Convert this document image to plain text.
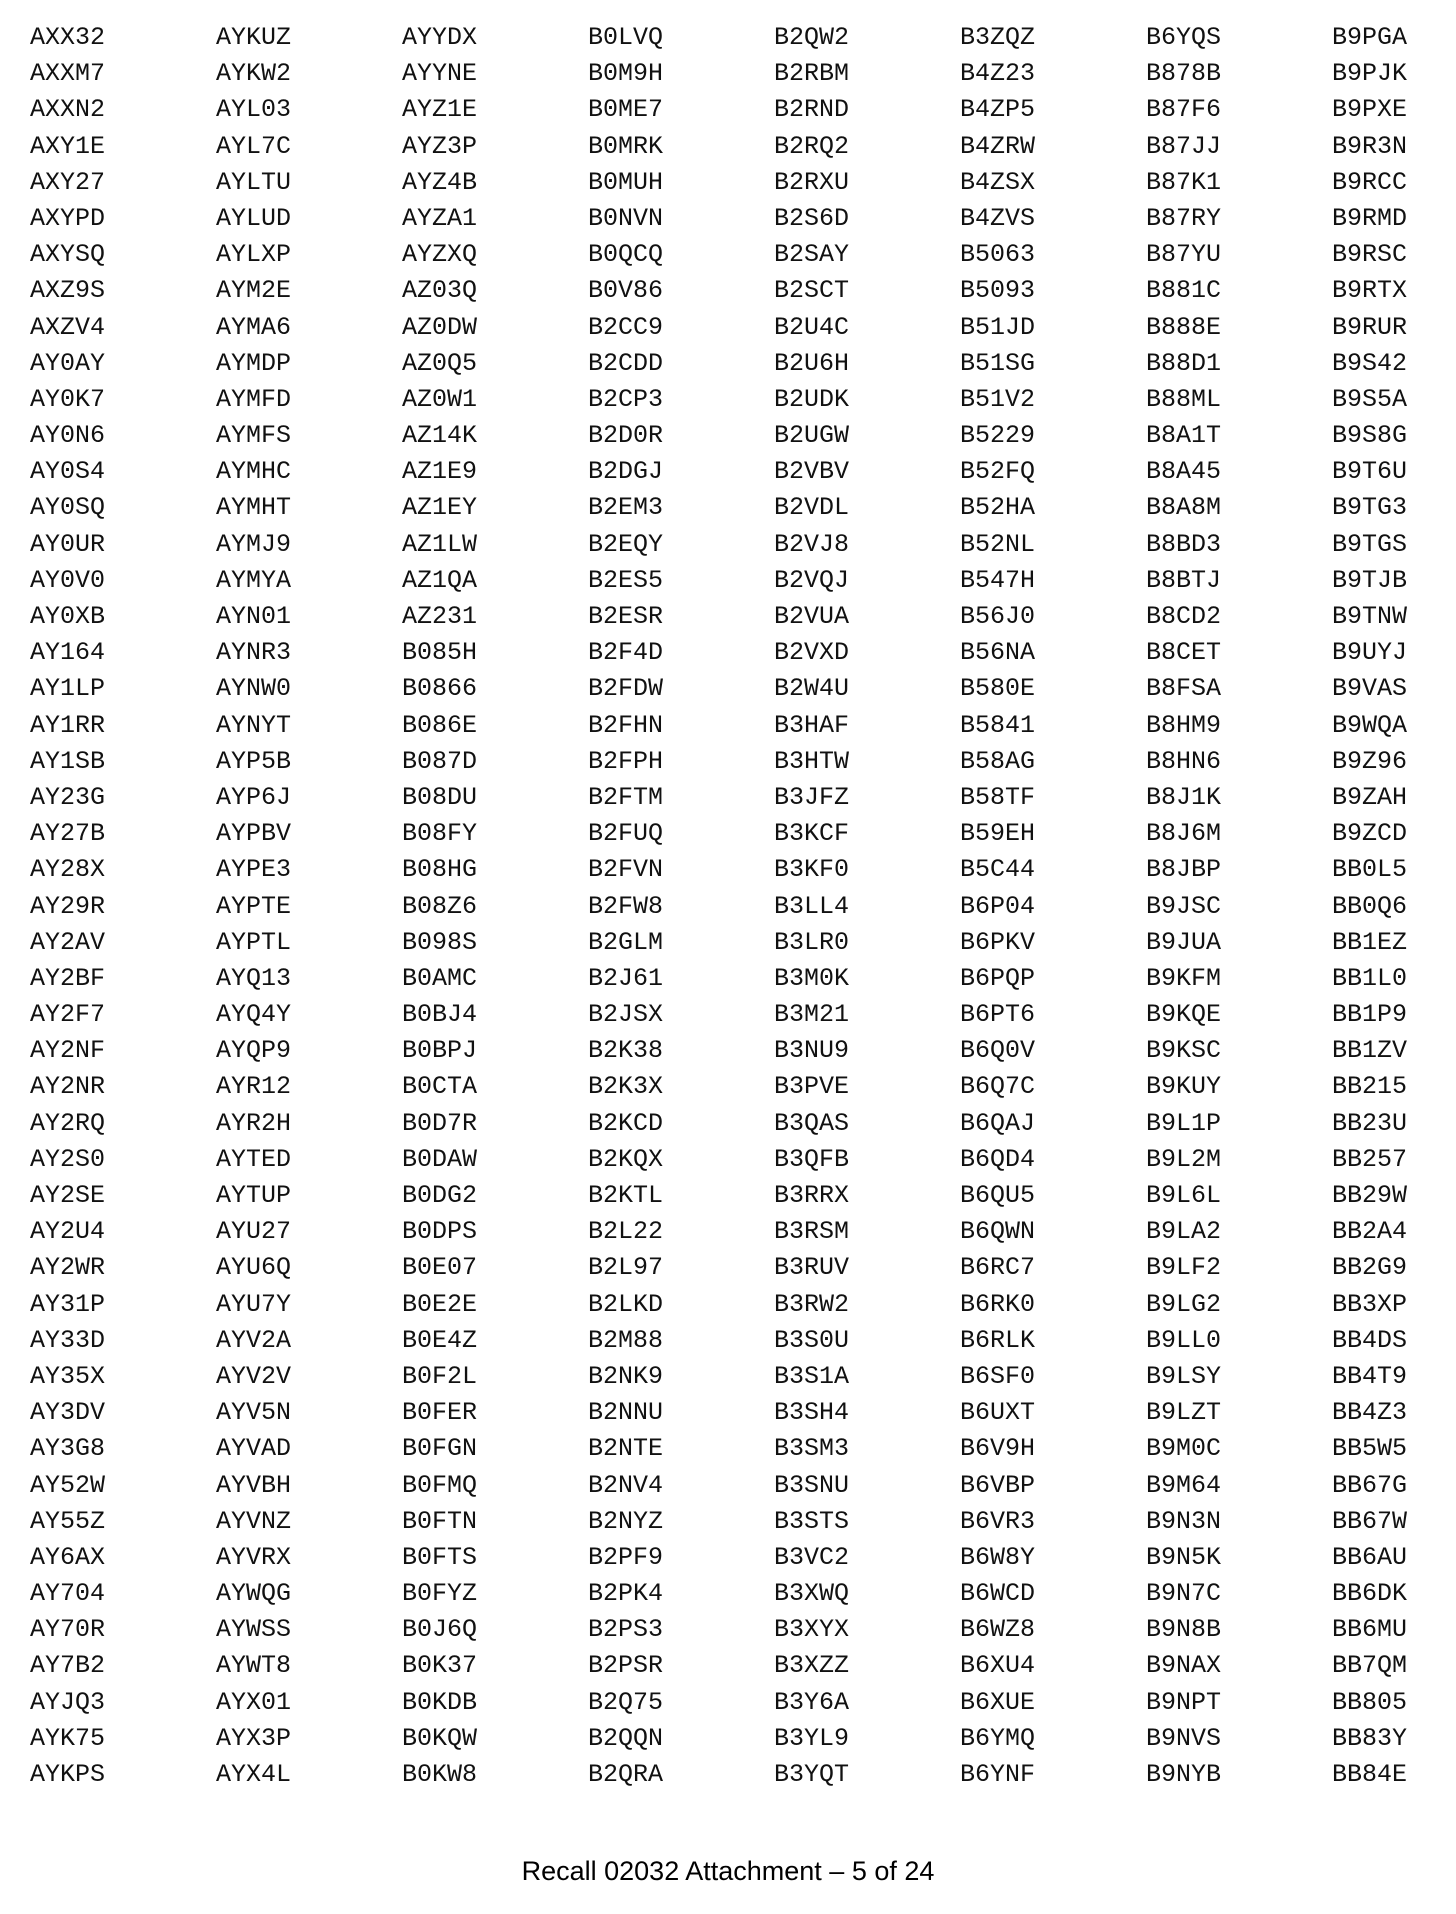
AXX32
AXXM7
AXXN2
AXY1E
AXY27
AXYPD
AXYSQ
AXZ9S
AXZV4
AY0AY
AY0K7
AY0N6
AY0S4
AY0SQ
AY0UR
AY0V0
AY0XB
AY164
AY1LP
AY1RR
AY1SB
AY23G
AY27B
AY28X
AY29R
AY2AV
AY2BF
AY2F7
AY2NF
AY2NR
AY2RQ
AY2S0
AY2SE
AY2U4
AY2WR
AY31P
AY33D
AY35X
AY3DV
AY3G8
AY52W
AY55Z
AY6AX
AY704
AY70R
AY7B2
AYJQ3
AYK75
AYKPS
AYKUZ
AYKW2
AYL03
AYL7C
AYLTU
AYLUD
AYLXP
AYM2E
AYMA6
AYMDP
AYMFD
AYMFS
AYMHC
AYMHT
AYMJ9
AYMYA
AYN01
AYNR3
AYNW0
AYNYT
AYP5B
AYP6J
AYPBV
AYPE3
AYPTE
AYPTL
AYQ13
AYQ4Y
AYQP9
AYR12
AYR2H
AYTED
AYTUP
AYU27
AYU6Q
AYU7Y
AYV2A
AYV2V
AYV5N
AYVAD
AYVBH
AYVNZ
AYVRX
AYWQG
AYWSS
AYWT8
AYX01
AYX3P
AYX4L
AYYDX
AYYNE
AYZ1E
AYZ3P
AYZ4B
AYZA1
AYZXQ
AZ03Q
AZ0DW
AZ0Q5
AZ0W1
AZ14K
AZ1E9
AZ1EY
AZ1LW
AZ1QA
AZ231
B085H
B0866
B086E
B087D
B08DU
B08FY
B08HG
B08Z6
B098S
B0AMC
B0BJ4
B0BPJ
B0CTA
B0D7R
B0DAW
B0DG2
B0DPS
B0E07
B0E2E
B0E4Z
B0F2L
B0FER
B0FGN
B0FMQ
B0FTN
B0FTS
B0FYZ
B0J6Q
B0K37
B0KDB
B0KQW
B0KW8
B0LVQ
B0M9H
B0ME7
B0MRK
B0MUH
B0NVN
B0QCQ
B0V86
B2CC9
B2CDD
B2CP3
B2D0R
B2DGJ
B2EM3
B2EQY
B2ES5
B2ESR
B2F4D
B2FDW
B2FHN
B2FPH
B2FTM
B2FUQ
B2FVN
B2FW8
B2GLM
B2J61
B2JSX
B2K38
B2K3X
B2KCD
B2KQX
B2KTL
B2L22
B2L97
B2LKD
B2M88
B2NK9
B2NNU
B2NTE
B2NV4
B2NYZ
B2PF9
B2PK4
B2PS3
B2PSR
B2Q75
B2QQN
B2QRA
B2QW2
B2RBM
B2RND
B2RQ2
B2RXU
B2S6D
B2SAY
B2SCT
B2U4C
B2U6H
B2UDK
B2UGW
B2VBV
B2VDL
B2VJ8
B2VQJ
B2VUA
B2VXD
B2W4U
B3HAF
B3HTW
B3JFZ
B3KCF
B3KF0
B3LL4
B3LR0
B3M0K
B3M21
B3NU9
B3PVE
B3QAS
B3QFB
B3RRX
B3RSM
B3RUV
B3RW2
B3S0U
B3S1A
B3SH4
B3SM3
B3SNU
B3STS
B3VC2
B3XWQ
B3XYX
B3XZZ
B3Y6A
B3YL9
B3YQT
B3ZQZ
B4Z23
B4ZP5
B4ZRW
B4ZSX
B4ZVS
B5063
B5093
B51JD
B51SG
B51V2
B5229
B52FQ
B52HA
B52NL
B547H
B56J0
B56NA
B580E
B5841
B58AG
B58TF
B59EH
B5C44
B6P04
B6PKV
B6PQP
B6PT6
B6Q0V
B6Q7C
B6QAJ
B6QD4
B6QU5
B6QWN
B6RC7
B6RK0
B6RLK
B6SF0
B6UXT
B6V9H
B6VBP
B6VR3
B6W8Y
B6WCD
B6WZ8
B6XU4
B6XUE
B6YMQ
B6YNF
B6YQS
B878B
B87F6
B87JJ
B87K1
B87RY
B87YU
B881C
B888E
B88D1
B88ML
B8A1T
B8A45
B8A8M
B8BD3
B8BTJ
B8CD2
B8CET
B8FSA
B8HM9
B8HN6
B8J1K
B8J6M
B8JBP
B9JSC
B9JUA
B9KFM
B9KQE
B9KSC
B9KUY
B9L1P
B9L2M
B9L6L
B9LA2
B9LF2
B9LG2
B9LL0
B9LSY
B9LZT
B9M0C
B9M64
B9N3N
B9N5K
B9N7C
B9N8B
B9NAX
B9NPT
B9NVS
B9NYB
B9PGA
B9PJK
B9PXE
B9R3N
B9RCC
B9RMD
B9RSC
B9RTX
B9RUR
B9S42
B9S5A
B9S8G
B9T6U
B9TG3
B9TGS
B9TJB
B9TNW
B9UYJ
B9VAS
B9WQA
B9Z96
B9ZAH
B9ZCD
BB0L5
BB0Q6
BB1EZ
BB1L0
BB1P9
BB1ZV
BB215
BB23U
BB257
BB29W
BB2A4
BB2G9
BB3XP
BB4DS
BB4T9
BB4Z3
BB5W5
BB67G
BB67W
BB6AU
BB6DK
BB6MU
BB7QM
BB805
BB83Y
BB84E
Recall 02032 Attachment – 5 of 24
